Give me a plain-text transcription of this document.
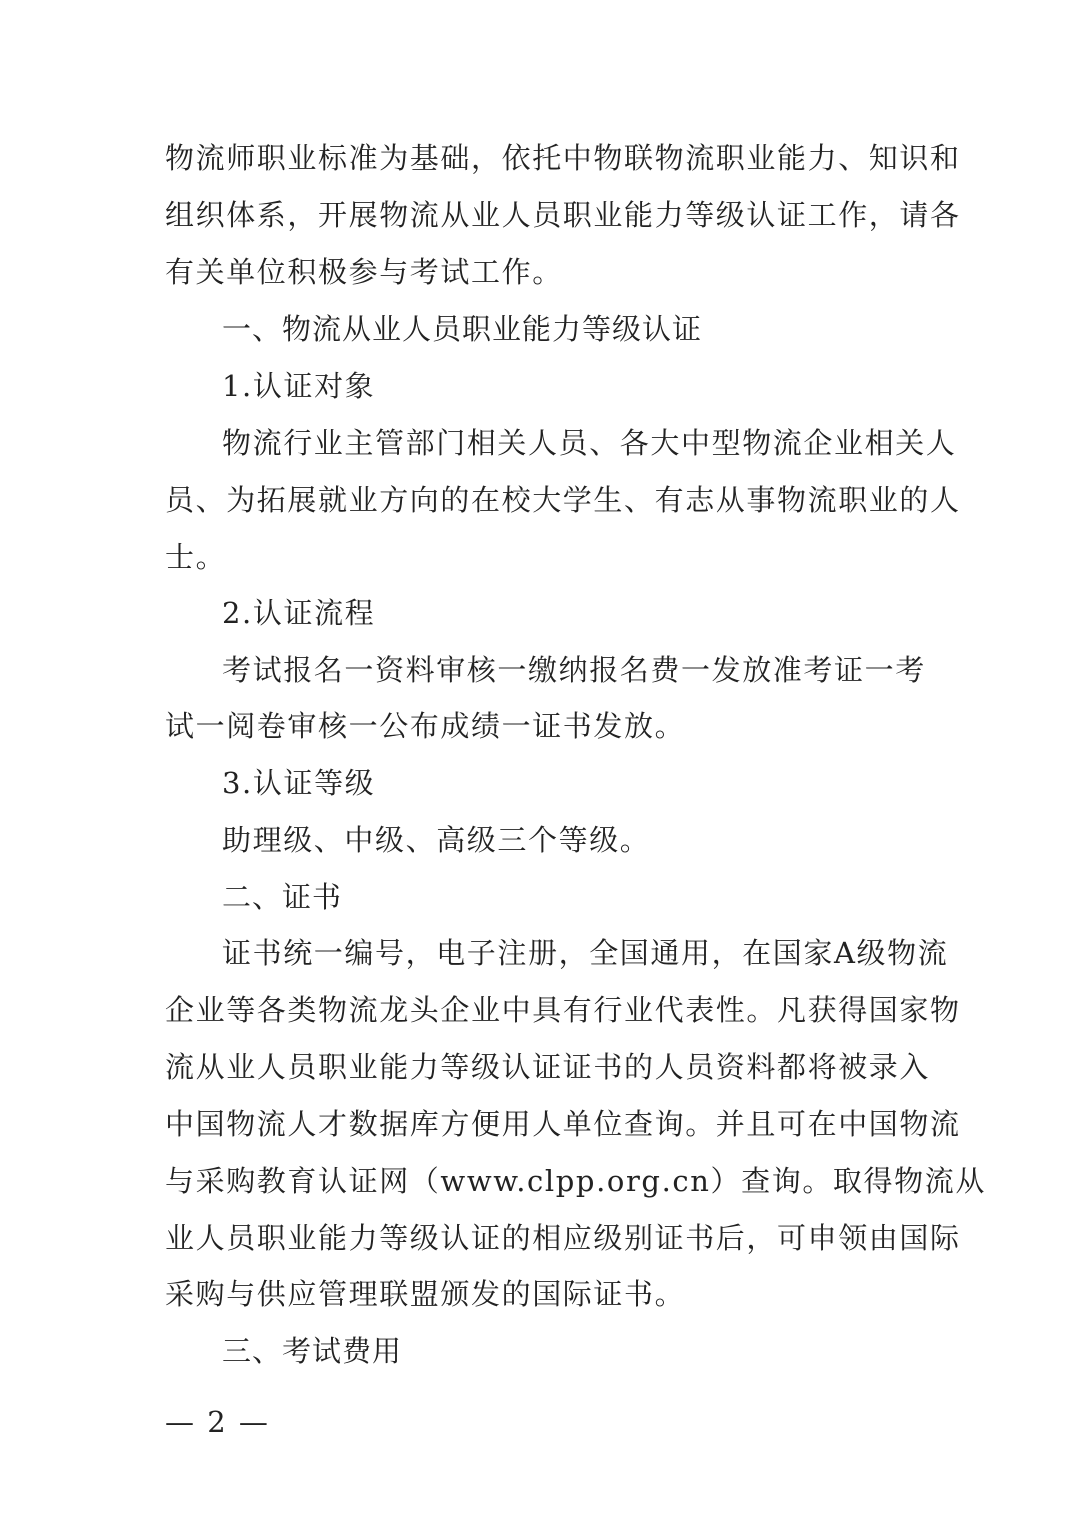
物流师职业标准为基础，依托中物联物流职业能力、知识和
组织体系，开展物流从业人员职业能力等级认证工作，请各
有关单位积极参与考试工作。
一、物流从业人员职业能力等级认证
1.认证对象
物流行业主管部门相关人员、各大中型物流企业相关人
员、为拓展就业方向的在校大学生、有志从事物流职业的人
士。
2.认证流程
考试报名一资料审核一缴纳报名费一发放准考证一考
试一阅卷审核一公布成绩一证书发放。
3.认证等级
助理级、中级、高级三个等级。
二、证书
证书统一编号，电子注册，全国通用，在国家A级物流
企业等各类物流龙头企业中具有行业代表性。凡获得国家物
流从业人员职业能力等级认证证书的人员资料都将被录入
中国物流人才数据库方便用人单位查询。并且可在中国物流
与采购教育认证网（www.clpp.org.cn）查询。取得物流从
业人员职业能力等级认证的相应级别证书后，可申领由国际
采购与供应管理联盟颁发的国际证书。
三、考试费用
— 2 —
